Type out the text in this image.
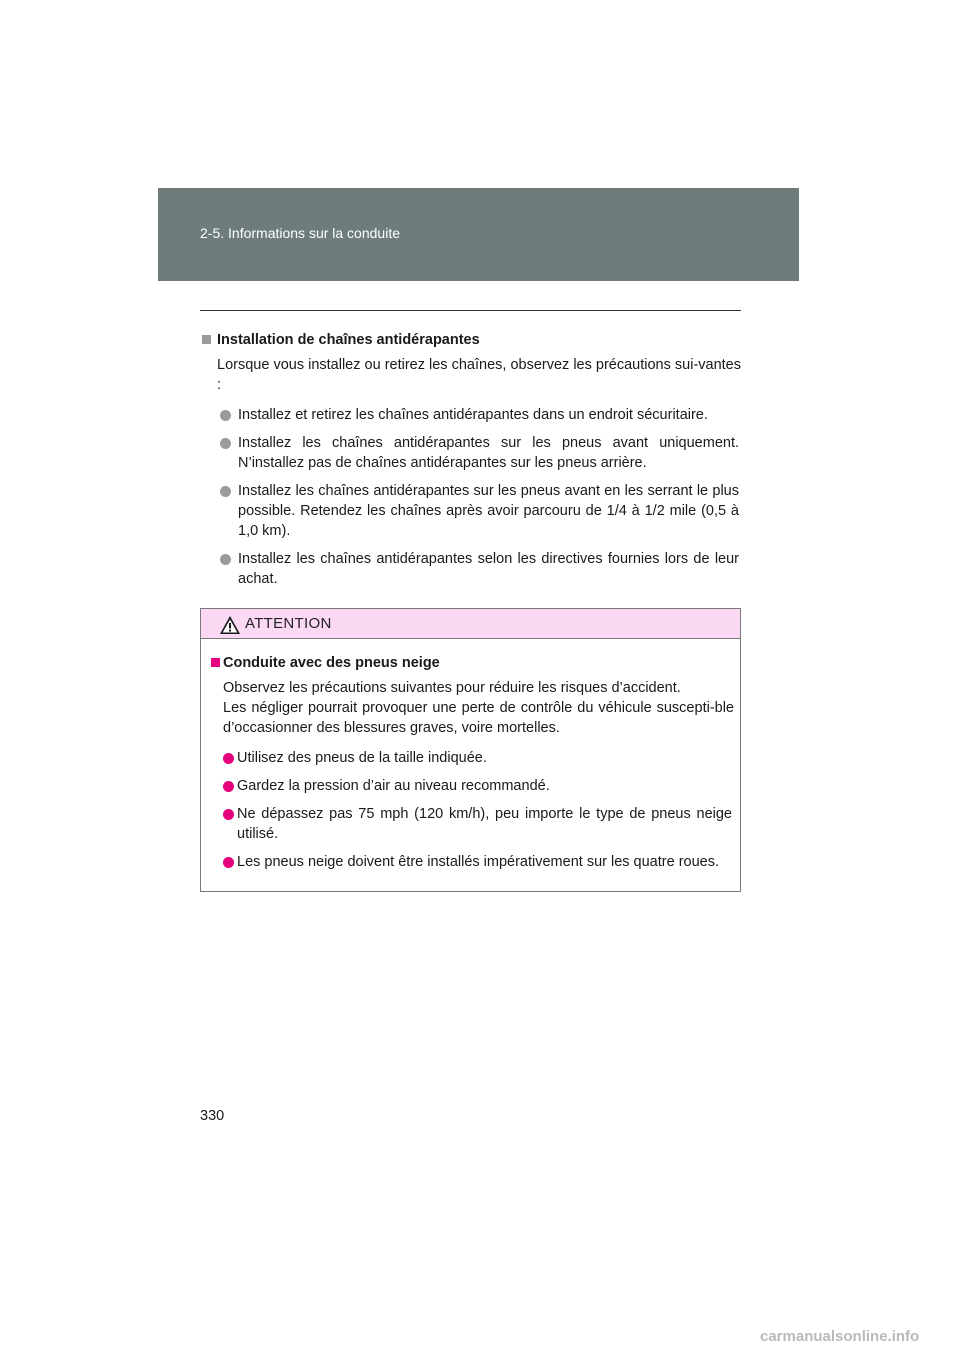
2-5. Informations sur la conduite
Installation de chaînes antidérapantes
Lorsque vous installez ou retirez les chaînes, observez les précautions sui-vantes :
Installez et retirez les chaînes antidérapantes dans un endroit sécuritaire.
Installez les chaînes antidérapantes sur les pneus avant uniquement. N’installez pas de chaînes antidérapantes sur les pneus arrière.
Installez les chaînes antidérapantes sur les pneus avant en les serrant le plus possible. Retendez les chaînes après avoir parcouru de 1/4 à 1/2 mile (0,5 à 1,0 km).
Installez les chaînes antidérapantes selon les directives fournies lors de leur achat.
ATTENTION
Conduite avec des pneus neige
Observez les précautions suivantes pour réduire les risques d’accident.
Les négliger pourrait provoquer une perte de contrôle du véhicule suscepti-ble d’occasionner des blessures graves, voire mortelles.
Utilisez des pneus de la taille indiquée.
Gardez la pression d’air au niveau recommandé.
Ne dépassez pas 75 mph (120 km/h), peu importe le type de pneus neige utilisé.
Les pneus neige doivent être installés impérativement sur les quatre roues.
330
carmanualsonline.info
